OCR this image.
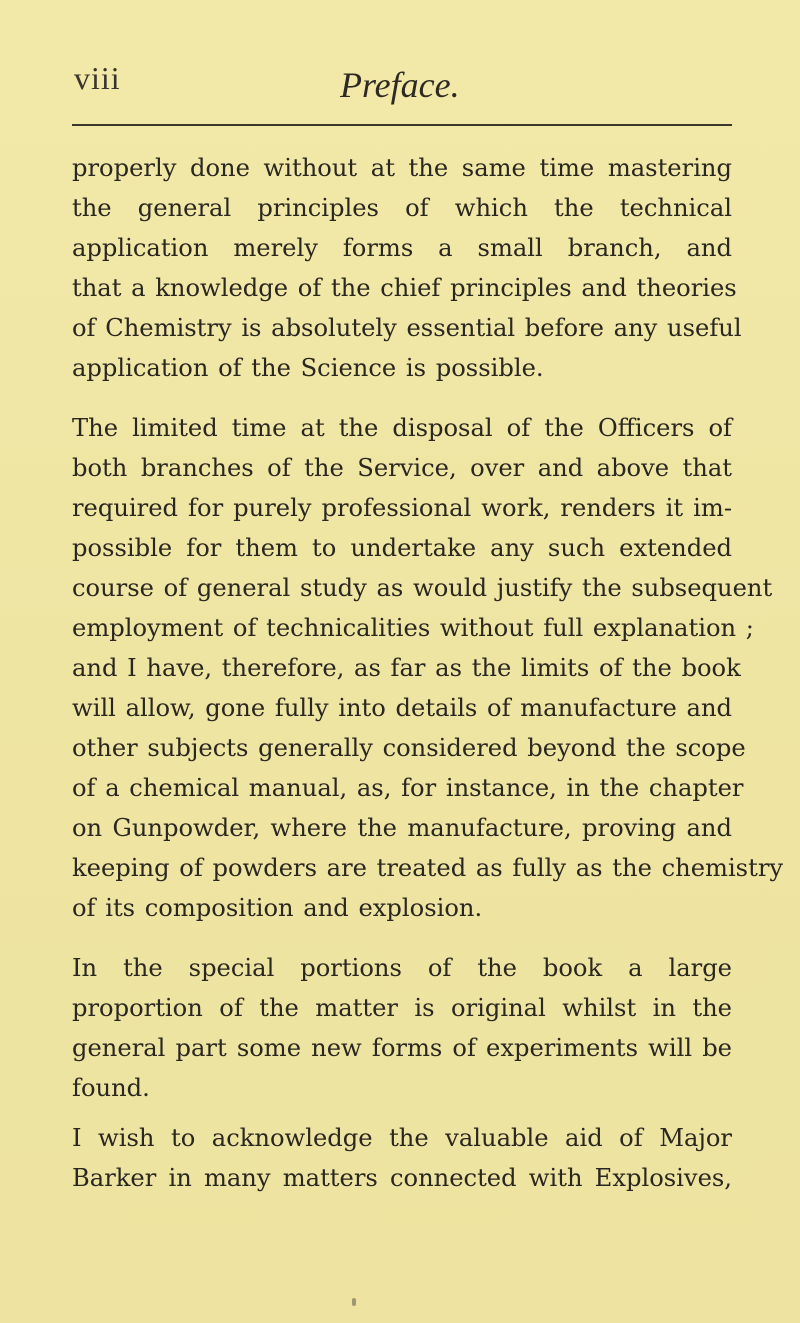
viii	Preface.
properly done without at the same time mastering
the general principles of which the technical
application merely forms a small branch, and
that a knowledge of the chief principles and theories
of Chemistry is absolutely essential before any useful
application of the Science is possible.
The limited time at the disposal of the Officers of
both branches of the Service, over and above that
required for purely professional work, renders it im-
possible for them to undertake any such extended
course of general study as would justify the subsequent
employment of technicalities without full explanation ;
and I have, therefore, as far as the limits of the book
will allow, gone fully into details of manufacture and
other subjects generally considered beyond the scope
of a chemical manual, as, for instance, in the chapter
on Gunpowder, where the manufacture, proving and
keeping of powders are treated as fully as the chemistry
of its composition and explosion.
In the special portions of the book a large
proportion of the matter is original whilst in the
general part some new forms of experiments will be
found.
I wish to acknowledge the valuable aid of Major
Barker in many matters connected with Explosives,
